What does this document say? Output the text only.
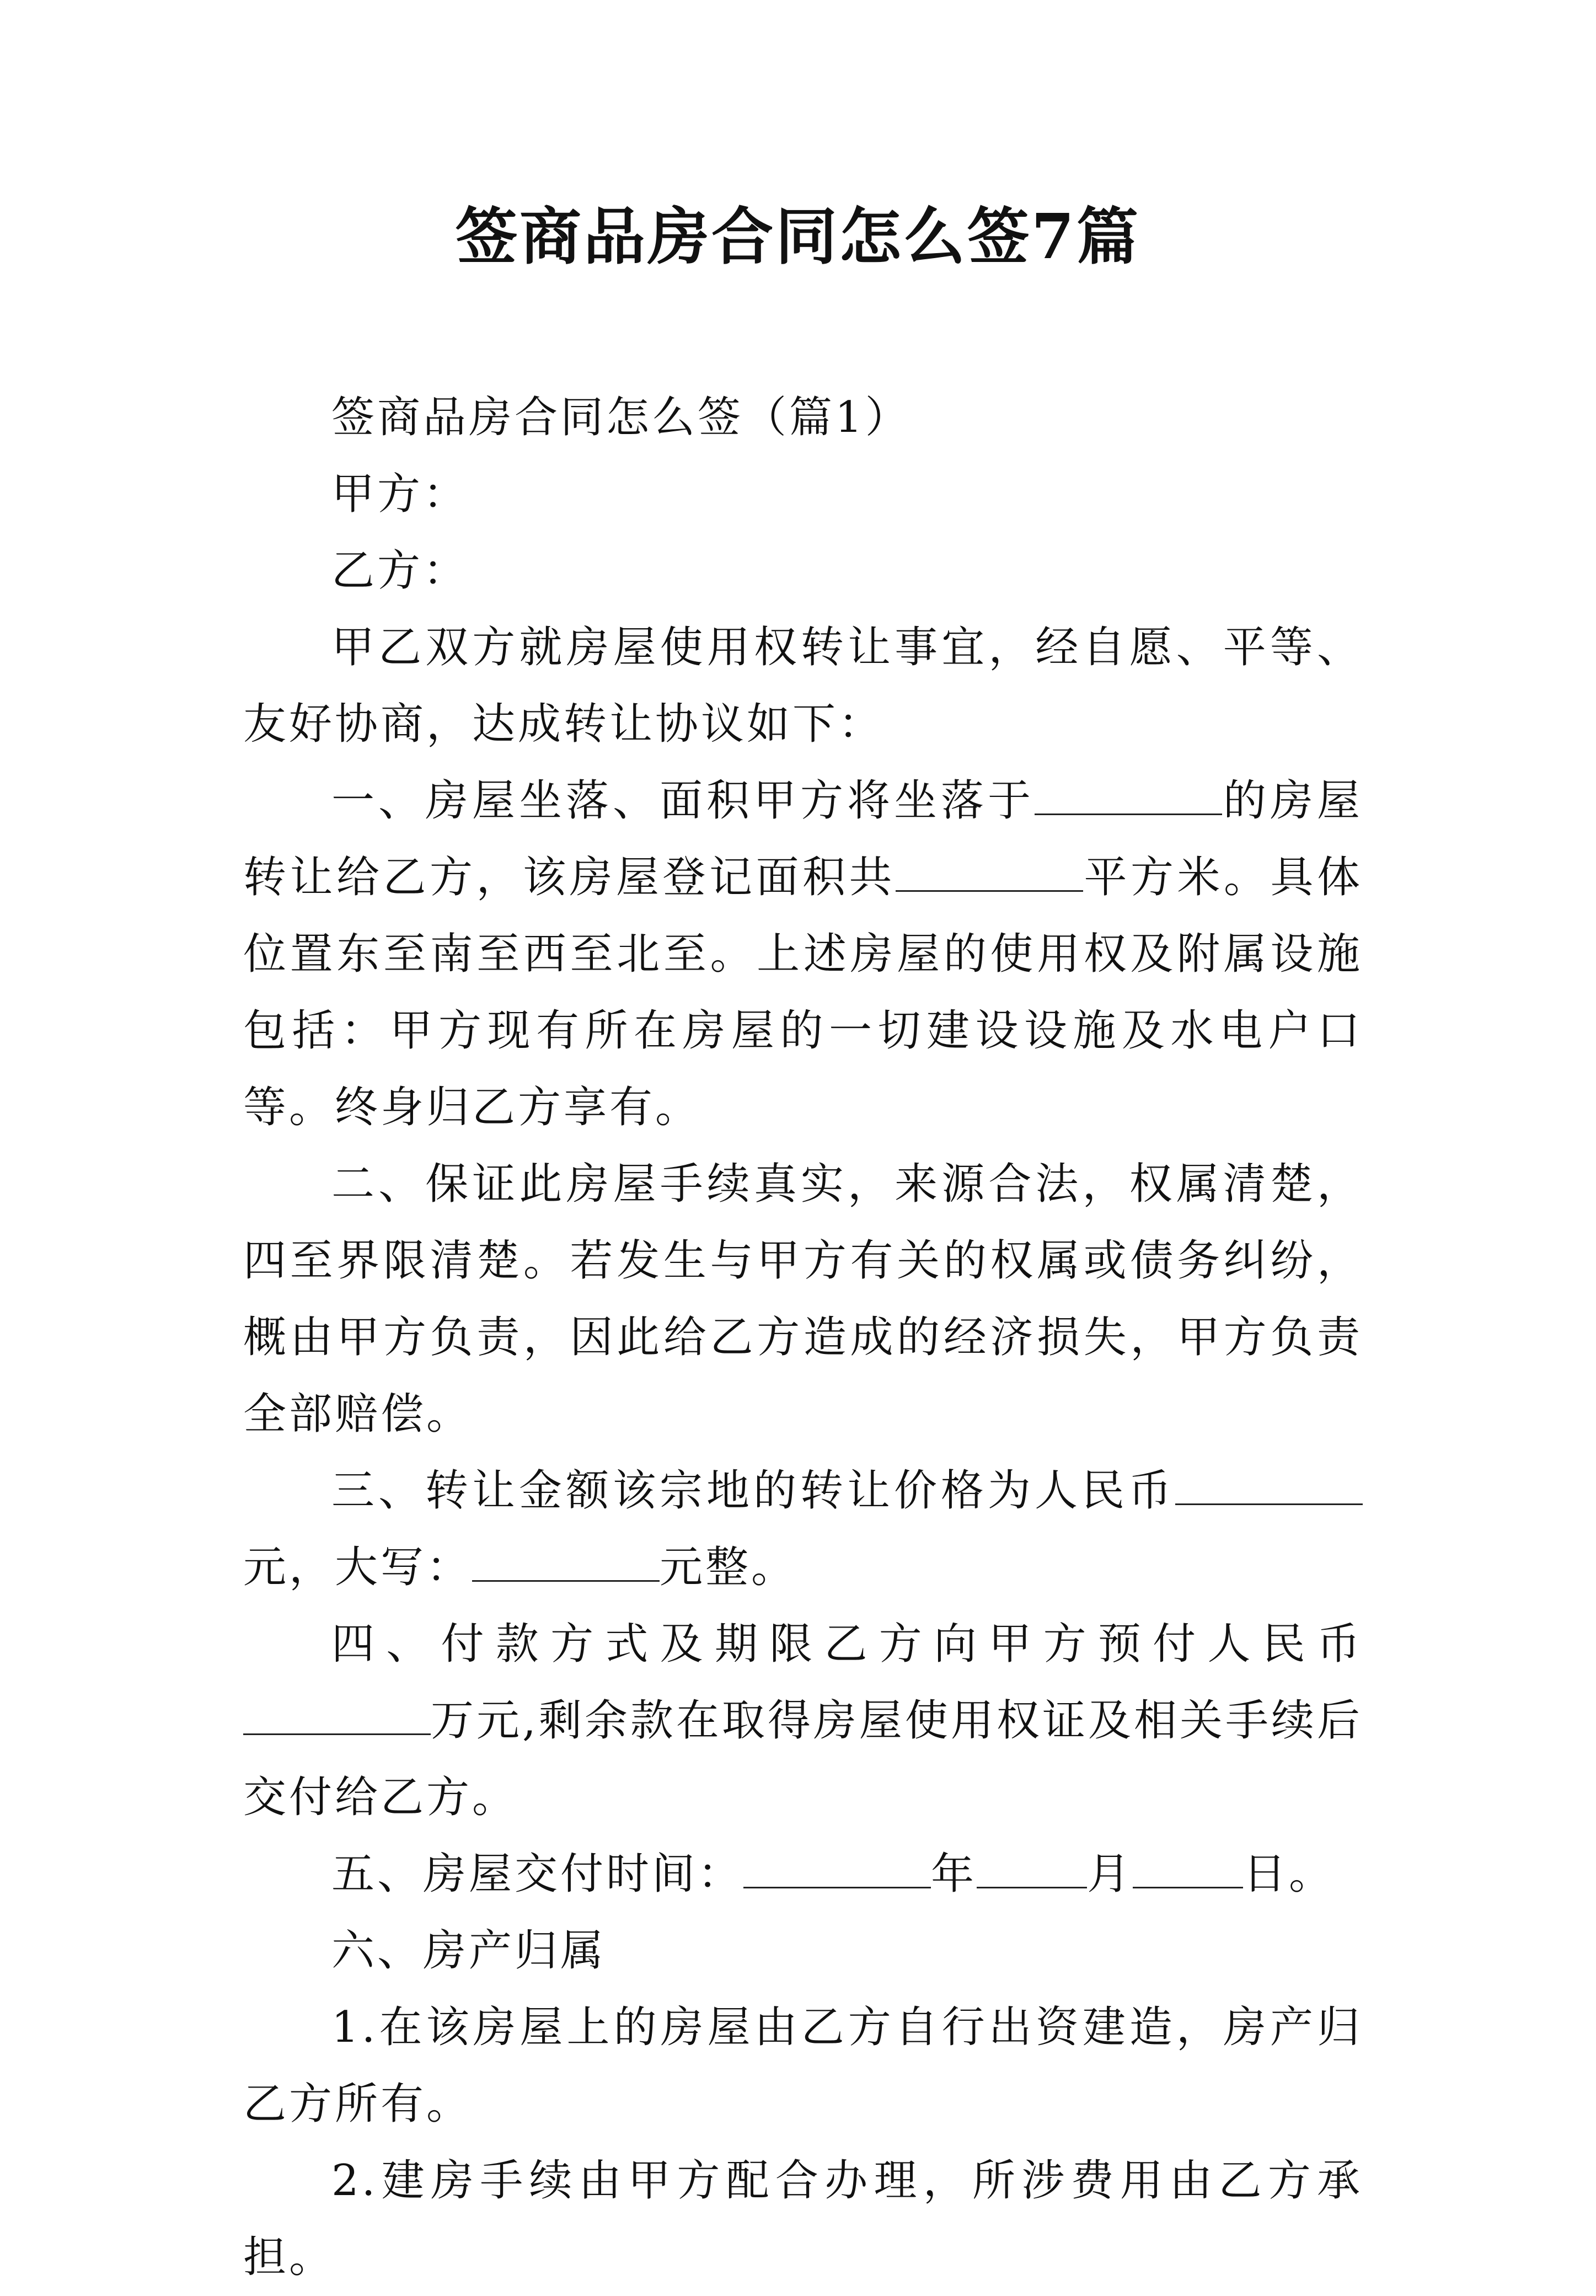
签商品房合同怎么签7篇

签商品房合同怎么签（篇1）

甲方：

乙方：

甲乙双方就房屋使用权转让事宜，经自愿、平等、友好协商，达成转让协议如下：

一、房屋坐落、面积甲方将坐落于	的房屋转让给乙方，该房屋登记面积共	平方米。具体位置东至南至西至北至。上述房屋的使用权及附属设施包括：甲方现有所在房屋的一切建设设施及水电户口等。终身归乙方享有。

二、保证此房屋手续真实，来源合法，权属清楚，四至界限清楚。若发生与甲方有关的权属或债务纠纷，概由甲方负责，因此给乙方造成的经济损失，甲方负责全部赔偿。

三、转让金额该宗地的转让价格为人民币元，大写：	元整。

四、付款方式及期限乙方向甲方预付人民币万元,剩余款在取得房屋使用权证及相关手续后交付给乙方。

五、房屋交付时间：	年	月	日。

六、房产归属

1.在该房屋上的房屋由乙方自行出资建造，房产归乙方所有。

2.建房手续由甲方配合办理，所涉费用由乙方承担。
